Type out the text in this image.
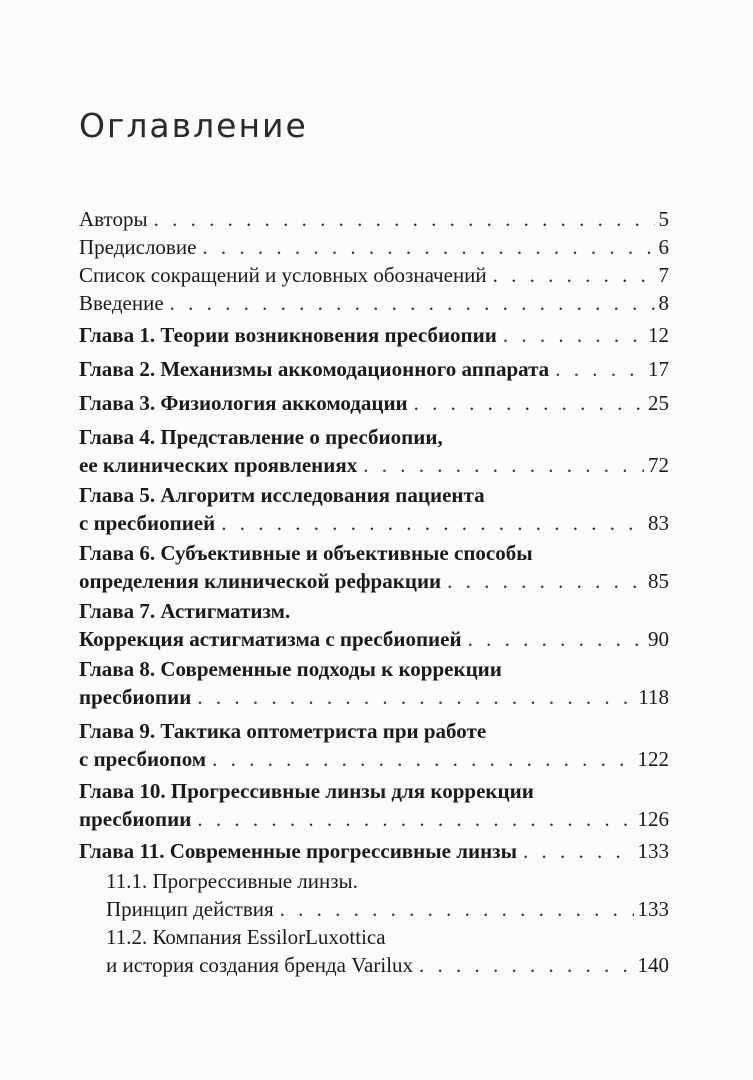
Оглавление
Авторы . . .	5
Предисловие . . .	6
Список сокращений и условных обозначений . . .	7
Введение . . .	8
Глава 1. Теории возникновения пресбиопии . . .	12
Глава 2. Механизмы аккомодационного аппарата . . .	17
Глава 3. Физиология аккомодации . . .	25
Глава 4. Представление о пресбиопии,
ее клинических проявлениях . . .	72
Глава 5. Алгоритм исследования пациента
с пресбиопией . . .	83
Глава 6. Субъективные и объективные способы
определения клинической рефракции . . .	85
Глава 7. Астигматизм.
Коррекция астигматизма с пресбиопией . . .	90
Глава 8. Современные подходы к коррекции
пресбиопии . . .	118
Глава 9. Тактика оптометриста при работе
с пресбиопом . . .	122
Глава 10. Прогрессивные линзы для коррекции
пресбиопии . . .	126
Глава 11. Современные прогрессивные линзы . . .	133
11.1. Прогрессивные линзы.
Принцип действия . . .	133
11.2. Компания EssilorLuxottica
и история создания бренда Varilux . . .	140
